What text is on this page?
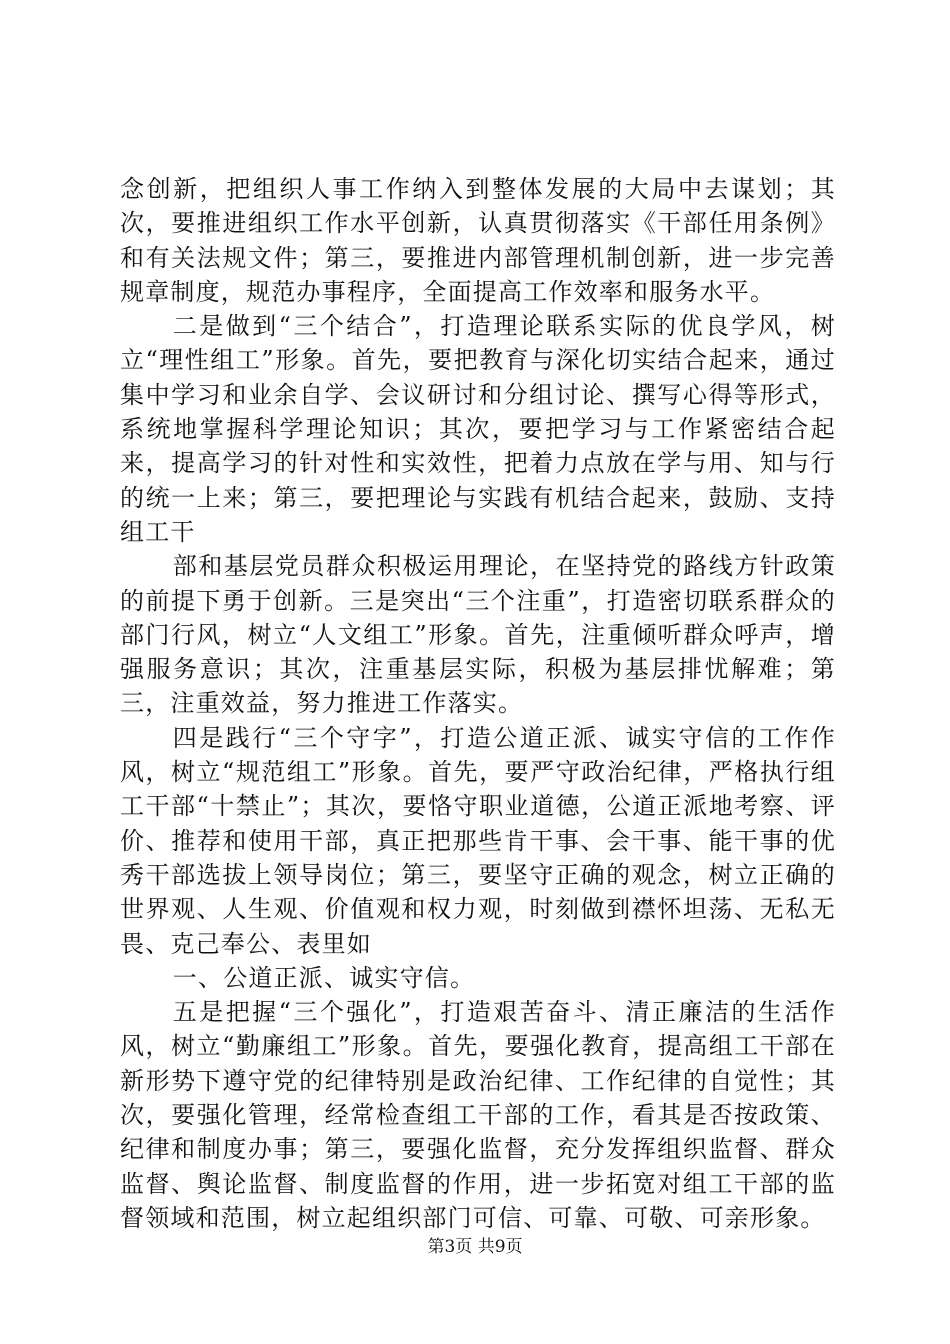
念创新，把组织人事工作纳入到整体发展的大局中去谋划；其次，要推进组织工作水平创新，认真贯彻落实《干部任用条例》和有关法规文件；第三，要推进内部管理机制创新，进一步完善规章制度，规范办事程序，全面提高工作效率和服务水平。

二是做到“三个结合”，打造理论联系实际的优良学风，树立“理性组工”形象。首先，要把教育与深化切实结合起来，通过集中学习和业余自学、会议研讨和分组讨论、撰写心得等形式，系统地掌握科学理论知识；其次，要把学习与工作紧密结合起来，提高学习的针对性和实效性，把着力点放在学与用、知与行的统一上来；第三，要把理论与实践有机结合起来，鼓励、支持组工干

部和基层党员群众积极运用理论，在坚持党的路线方针政策的前提下勇于创新。三是突出“三个注重”，打造密切联系群众的部门行风，树立“人文组工”形象。首先，注重倾听群众呼声，增强服务意识；其次，注重基层实际，积极为基层排忧解难；第三，注重效益，努力推进工作落实。

四是践行“三个守字”，打造公道正派、诚实守信的工作作风，树立“规范组工”形象。首先，要严守政治纪律，严格执行组工干部“十禁止”；其次，要恪守职业道德，公道正派地考察、评价、推荐和使用干部，真正把那些肯干事、会干事、能干事的优秀干部选拔上领导岗位；第三，要坚守正确的观念，树立正确的世界观、人生观、价值观和权力观，时刻做到襟怀坦荡、无私无畏、克己奉公、表里如

一、公道正派、诚实守信。

五是把握“三个强化”，打造艰苦奋斗、清正廉洁的生活作风，树立“勤廉组工”形象。首先，要强化教育，提高组工干部在新形势下遵守党的纪律特别是政治纪律、工作纪律的自觉性；其次，要强化管理，经常检查组工干部的工作，看其是否按政策、纪律和制度办事；第三，要强化监督，充分发挥组织监督、群众监督、舆论监督、制度监督的作用，进一步拓宽对组工干部的监督领域和范围，树立起组织部门可信、可靠、可敬、可亲形象。

第3页 共9页
